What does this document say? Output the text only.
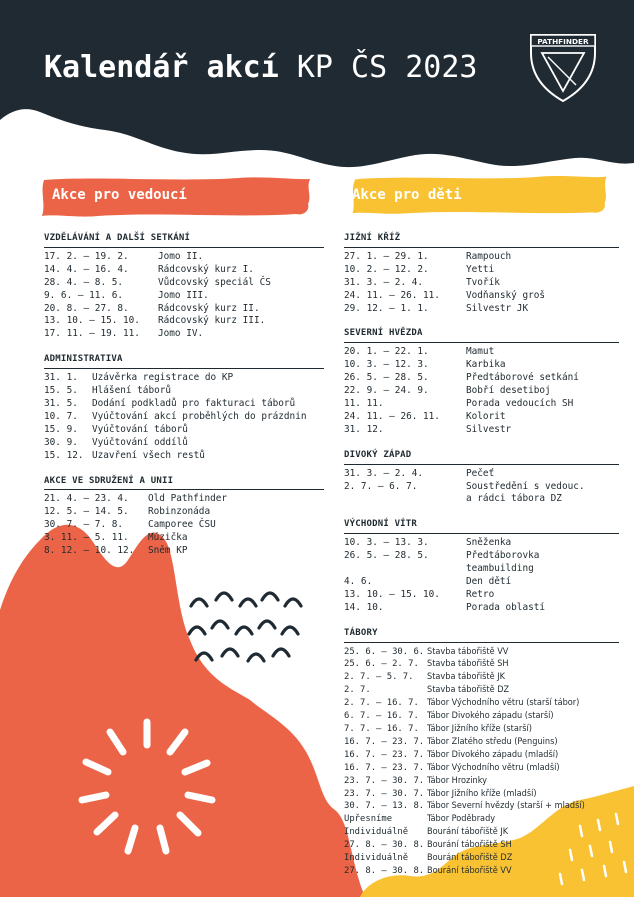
Kalendář akcí KP ČS 2023
PATHFINDER
Akce pro vedoucí	Akce pro děti
VZDĚLÁVÁNÍ A DALŠÍ SETKÁNÍ
17. 2. – 19. 2.	Jomo II.
14. 4. – 16. 4.	Rádcovský kurz I.
28. 4. – 8. 5.	Vůdcovský speciál ČS
9. 6. – 11. 6.	Jomo III.
20. 8. – 27. 8.	Rádcovský kurz II.
13. 10. – 15. 10.	Rádcovský kurz III.
17. 11. – 19. 11.	Jomo IV.
ADMINISTRATIVA
31. 1.	Uzávěrka registrace do KP
15. 5.	Hlášení táborů
31. 5.	Dodání podkladů pro fakturaci táborů
10. 7.	Vyúčtování akcí proběhlých do prázdnin
15. 9.	Vyúčtování táborů
30. 9.	Vyúčtování oddílů
15. 12. Uzavření všech restů
AKCE VE SDRUŽENÍ A UNII
21. 4. – 23. 4.	Old Pathfinder
12. 5. – 14. 5.	Robinzonáda
30. 7. – 7. 8.	Camporee ČSU
3. 11. – 5. 11.	Múzička
8. 12. – 10. 12.	Sněm KP
JIŽNÍ KŘÍŽ
27. 1. – 29. 1.	Rampouch
10. 2. – 12. 2.	Yetti
31. 3. – 2. 4.	Tvořík
24. 11. – 26. 11.	Vodňanský groš
29. 12. – 1. 1.	Silvestr JK
SEVERNÍ HVĚZDA
20. 1. – 22. 1.	Mamut
10. 3. – 12. 3.	Karbika
26. 5. – 28. 5.	Předtáborové setkání
22. 9. – 24. 9.	Bobří desetiboj
11. 11.	Porada vedoucích SH
24. 11. – 26. 11.	Kolorit
31. 12.	Silvestr
DIVOKÝ ZÁPAD
31. 3. – 2. 4.	Pečeť
2. 7. – 6. 7.	Soustředění s vedouc.
a rádci tábora DZ
VÝCHODNÍ VÍTR
10. 3. – 13. 3.	Sněženka
26. 5. – 28. 5.	Předtáborovka
teambuilding
4. 6.	Den dětí
13. 10. – 15. 10.	Retro
14. 10.	Porada oblastí
TÁBORY
25. 6. – 30. 6. Stavba tábořiště VV
25. 6. – 2. 7. Stavba tábořiště SH
2. 7. – 5. 7.	Stavba tábořiště JK
2. 7.	Stavba tábořiště DZ
2. 7. – 16. 7. Tábor Východního větru (starší tábor)
6. 7. – 16. 7. Tábor Divokého západu (starší)
7. 7. – 16. 7. Tábor Jižního kříže (starší)
16. 7. – 23. 7. Tábor Zlatého středu (Penguins)
16. 7. – 23. 7. Tábor Divokého západu (mladší)
16. 7. – 23. 7. Tábor Východního větru (mladší)
23. 7. – 30. 7. Tábor Hrozinky
23. 7. – 30. 7. Tábor Jižního kříže (mladší)
30. 7. – 13. 8. Tábor Severní hvězdy (starší + mladší)
Upřesníme	Tábor Poděbrady
Individuálně	Bourání tábořiště JK
27. 8. – 30. 8. Bourání tábořiště SH
Individuálně	Bourání tábořiště DZ
27. 8. – 30. 8. Bourání tábořiště VV
